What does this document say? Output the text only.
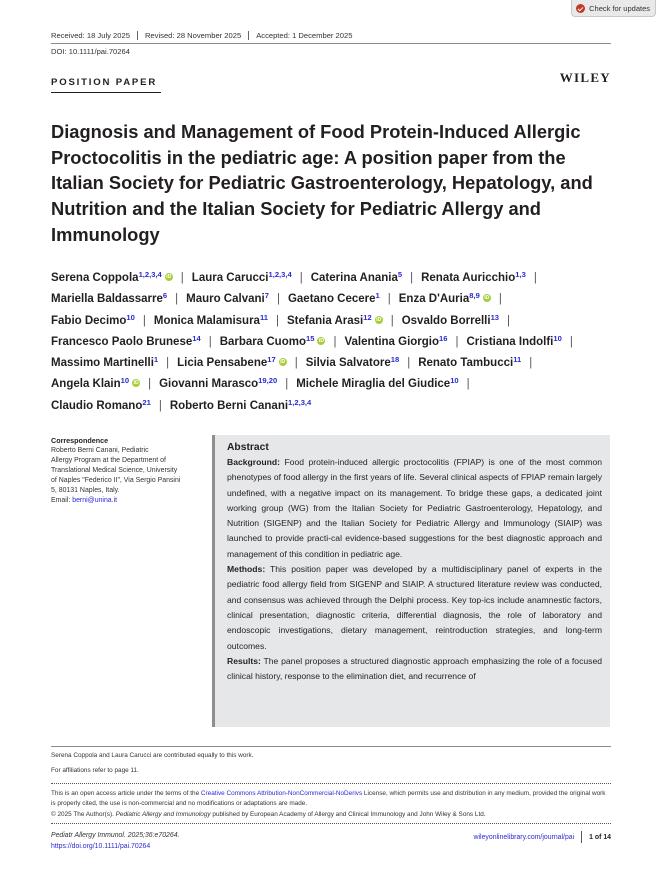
Check for updates
Received: 18 July 2025	Revised: 28 November 2025	Accepted: 1 December 2025
DOI: 10.1111/pai.70264
POSITION PAPER	WILEY
Diagnosis and Management of Food Protein-Induced Allergic Proctocolitis in the pediatric age: A position paper from the Italian Society for Pediatric Gastroenterology, Hepatology, and Nutrition and the Italian Society for Pediatric Allergy and Immunology
Serena Coppola$^{1,2,3,4}$ iD | Laura Carucci$^{1,2,3,4}$ | Caterina Anania$^5$ | Renata Auricchio$^{1,3}$ |
Mariella Baldassarre$^6$ | Mauro Calvani$^7$ | Gaetano Cecere$^1$ | Enza D'Auria$^{8,9}$ iD |
Fabio Decimo$^{10}$ | Monica Malamisura$^{11}$ | Stefania Arasi$^{12}$ iD | Osvaldo Borrelli$^{13}$ |
Francesco Paolo Brunese$^{14}$ | Barbara Cuomo$^{15}$ iD | Valentina Giorgio$^{16}$ | Cristiana Indolfi$^{10}$ |
Massimo Martinelli$^1$ | Licia Pensabene$^{17}$ iD | Silvia Salvatore$^{18}$ | Renato Tambucci$^{11}$ |
Angela Klain$^{10}$ iD | Giovanni Marasco$^{19,20}$ | Michele Miraglia del Giudice$^{10}$ |
Claudio Romano$^{21}$ | Roberto Berni Canani$^{1,2,3,4}$
Correspondence
Roberto Berni Canani, Pediatric
Allergy Program at the Department of
Translational Medical Science, University
of Naples "Federico II", Via Sergio Pansini
5, 80131 Naples, Italy.
Email: berni@unina.it
Abstract

Background: Food protein-induced allergic proctocolitis (FPIAP) is one of the most common phenotypes of food allergy in the first years of life. Several clinical aspects of FPIAP remain largely undefined, with a negative impact on its management. To bridge these gaps, a dedicated joint working group (WG) from the Italian Society for Pediatric Gastroenterology, Hepatology, and Nutrition (SIGENP) and the Italian Society for Pediatric Allergy and Immunology (SIAIP) was launched to provide practi-cal evidence-based suggestions for the best diagnostic approach and management of this condition in pediatric age.

Methods: This position paper was developed by a multidisciplinary panel of experts in the pediatric food allergy field from SIGENP and SIAIP. A structured literature review was conducted, and consensus was achieved through the Delphi process. Key top-ics include anamnestic factors, clinical presentation, diagnostic criteria, differential diagnosis, the role of laboratory and endoscopic investigations, dietary management, reintroduction strategies, and long-term outcomes.

Results: The panel proposes a structured diagnostic approach emphasizing the role of a focused clinical history, response to the elimination diet, and recurrence of

Serena Coppola and Laura Carucci are contributed equally to this work.
For affiliations refer to page 11.
This is an open access article under the terms of the Creative Commons Attribution-NonCommercial-NoDerivs License, which permits use and distribution in any medium, provided the original work is properly cited, the use is non-commercial and no modifications or adaptations are made.
© 2025 The Author(s). Pediatric Allergy and Immunology published by European Academy of Allergy and Clinical Immunology and John Wiley & Sons Ltd.
Pediatr Allergy Immunol. 2025;36:e70264.
https://doi.org/10.1111/pai.70264
wileyonlinelibrary.com/journal/pai 1 of 14
